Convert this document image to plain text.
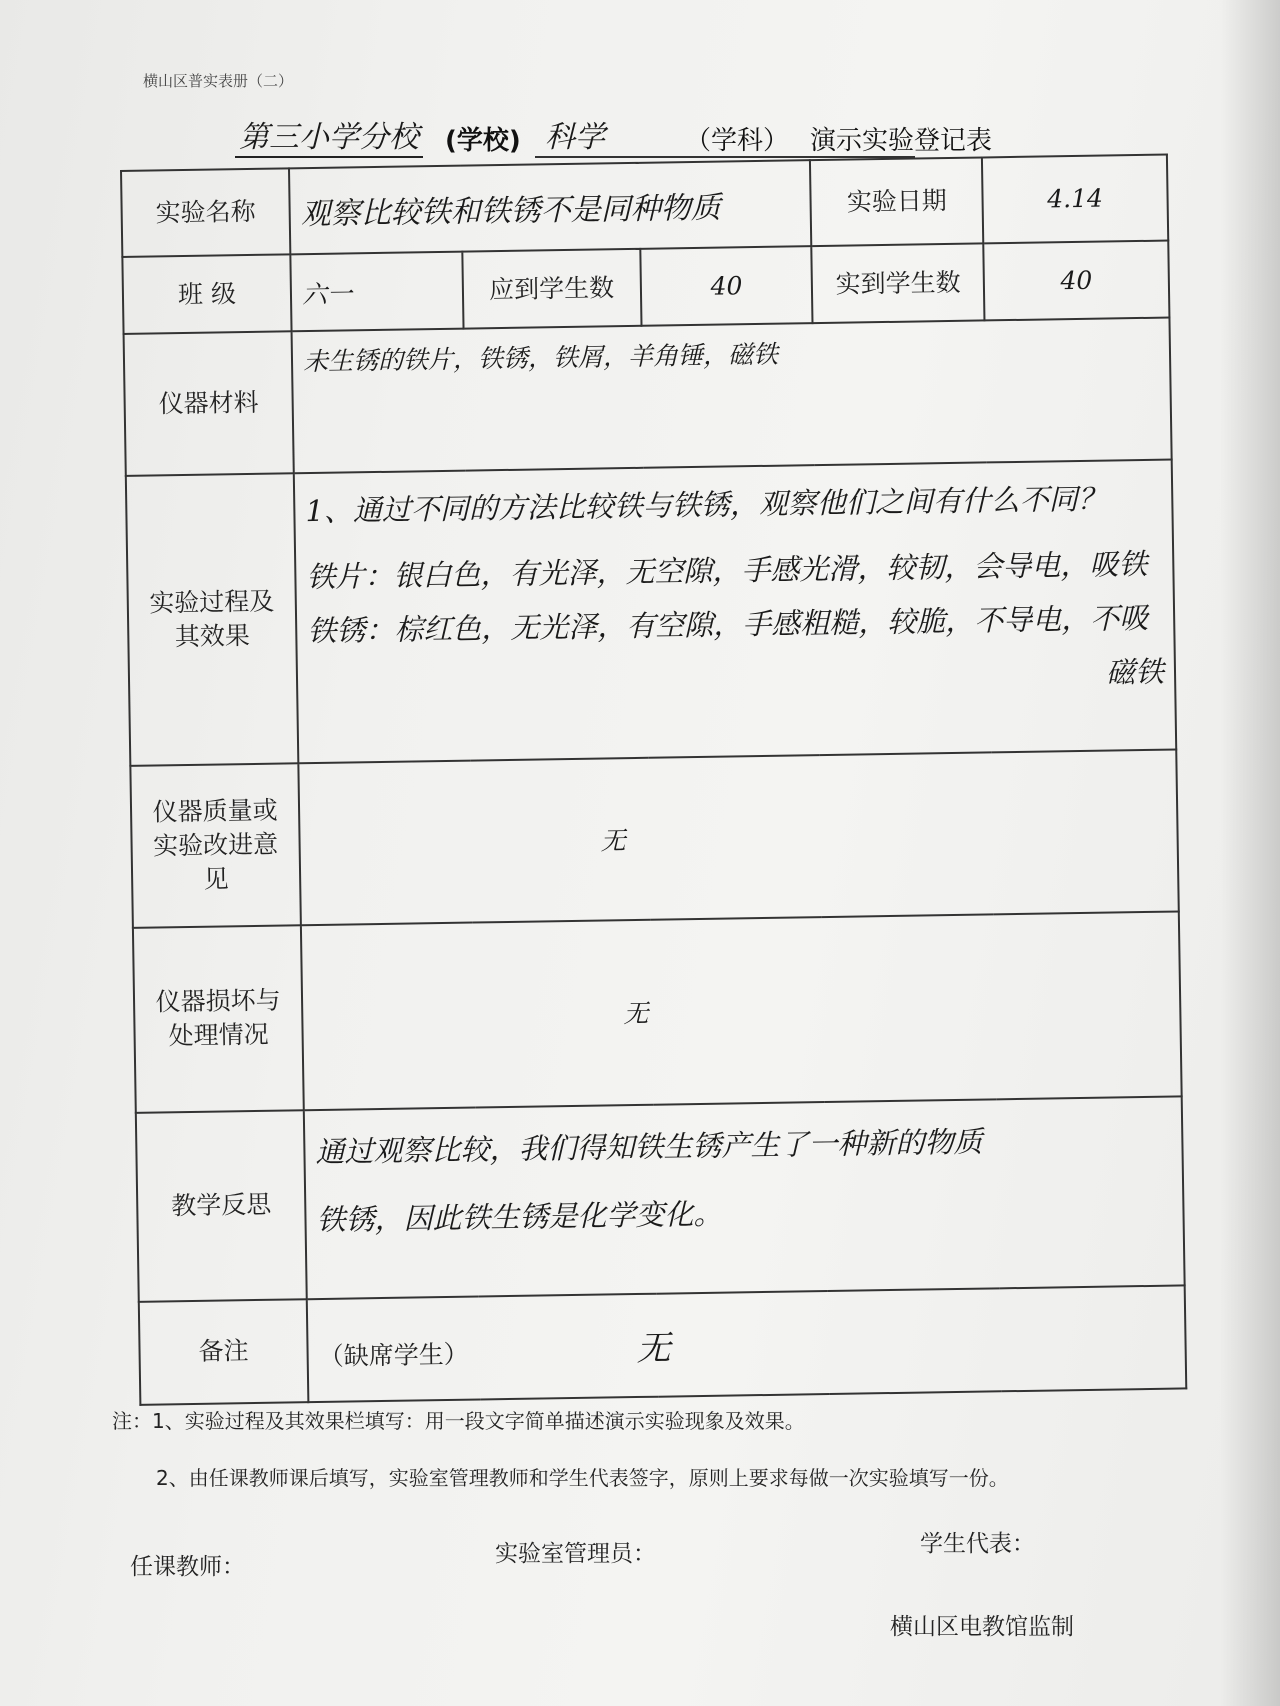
横山区普实表册（二）
第三小学分校 (学校) 科学	（学科） 演示实验登记表
实验名称	观察比较铁和铁锈不是同种物质			实验日期	4.14
班 级	六一	应到学生数	40	实到学生数	40
仪器材料	未生锈的铁片，铁锈，铁屑，羊角锤，磁铁				
实验过程及其效果	1、通过不同的方法比较铁与铁锈，观察他们之间有什么不同？
铁片：银白色，有光泽，无空隙，手感光滑，较韧，会导电，吸铁
铁锈：棕红色，无光泽，有空隙，手感粗糙，较脆，不导电，不吸
磁铁				

仪器质量或实验改进意见	无				
仪器损坏与处理情况	无				
教学反思	通过观察比较，我们得知铁生锈产生了一种新的物质
铁锈，因此铁生锈是化学变化。				

备注	（缺席学生） 无				
注：1、实验过程及其效果栏填写：用一段文字简单描述演示实验现象及效果。
2、由任课教师课后填写，实验室管理教师和学生代表签字，原则上要求每做一次实验填写一份。
任课教师：	实验室管理员：	学生代表：
横山区电教馆监制
